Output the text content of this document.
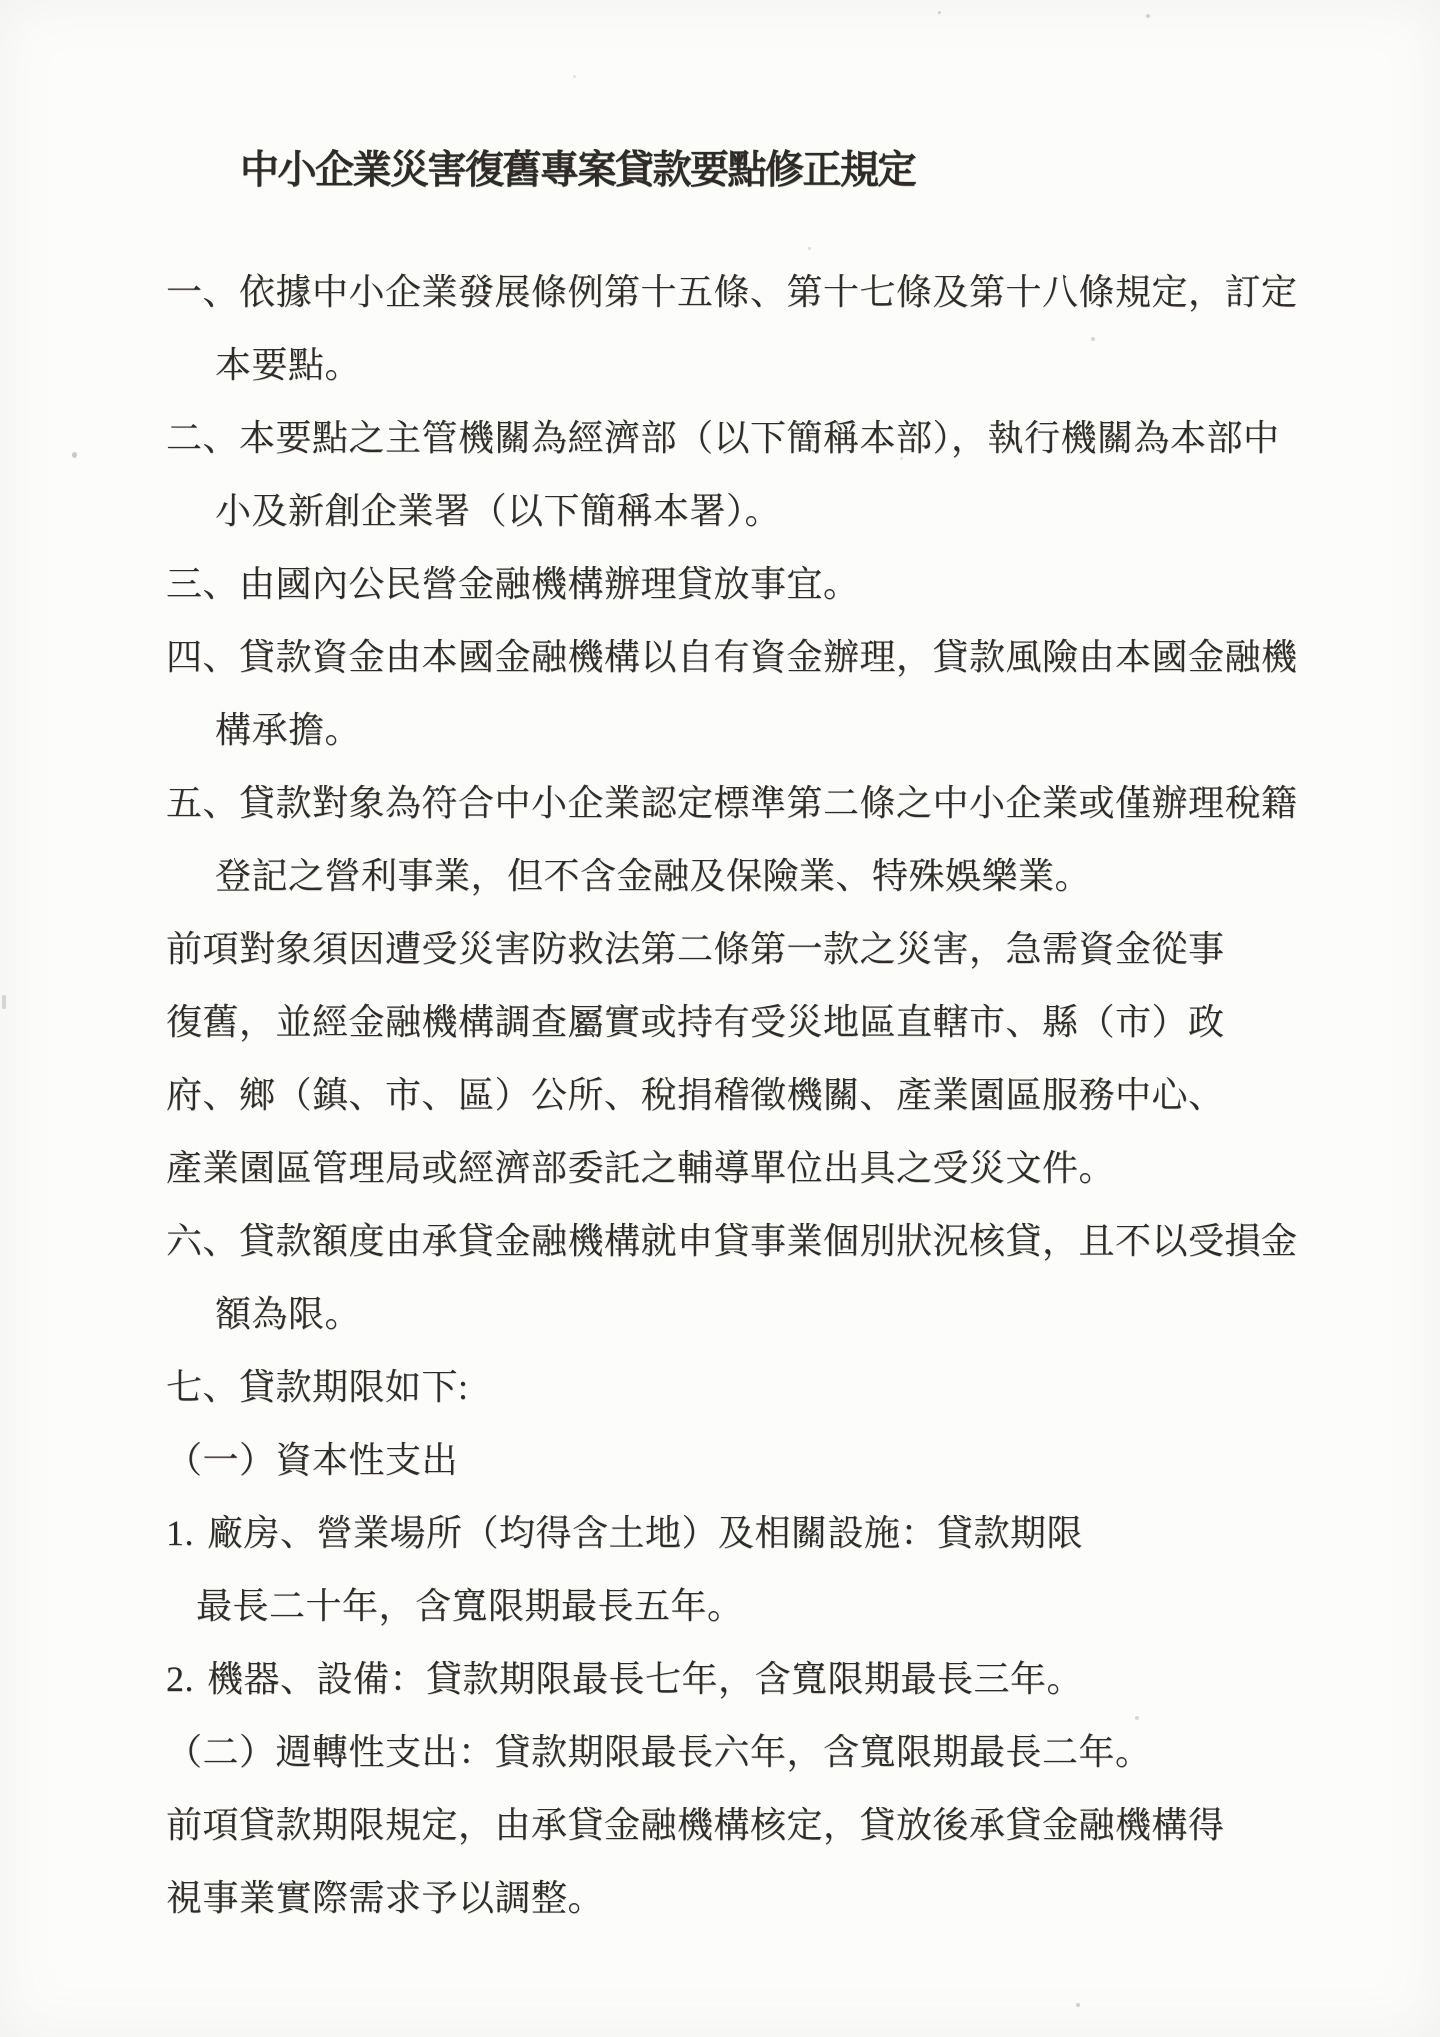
中小企業災害復舊專案貸款要點修正規定
一、依據中小企業發展條例第十五條、第十七條及第十八條規定，訂定本要點。
二、本要點之主管機關為經濟部（以下簡稱本部），執行機關為本部中小及新創企業署（以下簡稱本署）。
三、由國內公民營金融機構辦理貸放事宜。
四、貸款資金由本國金融機構以自有資金辦理，貸款風險由本國金融機構承擔。
五、貸款對象為符合中小企業認定標準第二條之中小企業或僅辦理稅籍登記之營利事業，但不含金融及保險業、特殊娛樂業。

前項對象須因遭受災害防救法第二條第一款之災害，急需資金從事復舊，並經金融機構調查屬實或持有受災地區直轄市、縣（市）政府、鄉（鎮、市、區）公所、稅捐稽徵機關、產業園區服務中心、產業園區管理局或經濟部委託之輔導單位出具之受災文件。

六、貸款額度由承貸金融機構就申貸事業個別狀況核貸，且不以受損金額為限。
七、貸款期限如下:
（一）資本性支出
1. 廠房、營業場所（均得含土地）及相關設施：貸款期限最長二十年，含寬限期最長五年。
2. 機器、設備：貸款期限最長七年，含寬限期最長三年。
（二）週轉性支出：貸款期限最長六年，含寬限期最長二年。

前項貸款期限規定，由承貸金融機構核定，貸放後承貸金融機構得視事業實際需求予以調整。
